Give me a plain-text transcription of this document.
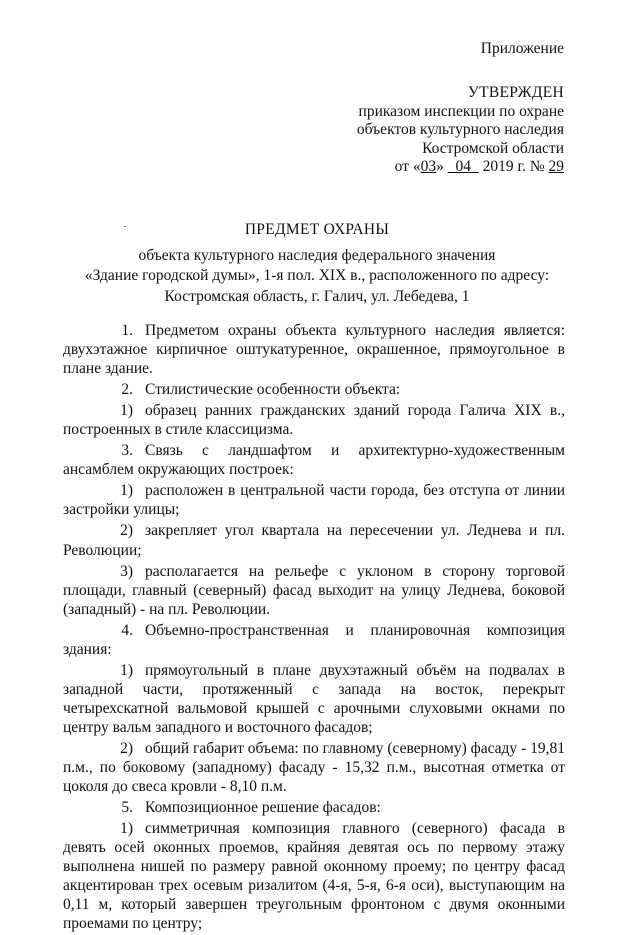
Приложение
УТВЕРЖДЕН
приказом инспекции по охране
объектов культурного наследия
Костромской области
от «03»   04   2019 г. № 29
ПРЕДМЕТ ОХРАНЫ
объекта культурного наследия федерального значения
«Здание городской думы», 1-я пол. XIX в., расположенного по адресу:
Костромская область, г. Галич, ул. Лебедева, 1

1. Предметом охраны объекта культурного наследия является: двухэтажное кирпичное оштукатуренное, окрашенное, прямоугольное в плане здание.

2. Стилистические особенности объекта:

1) образец ранних гражданских зданий города Галича XIX в., построенных в стиле классицизма.

3. Связь с ландшафтом и архитектурно-художественным ансамблем окружающих построек:

1) расположен в центральной части города, без отступа от линии застройки улицы;

2) закрепляет угол квартала на пересечении ул. Леднева и пл. Революции;

3) располагается на рельефе с уклоном в сторону торговой площади, главный (северный) фасад выходит на улицу Леднева, боковой (западный) - на пл. Революции.

4. Объемно-пространственная и планировочная композиция здания:

1) прямоугольный в плане двухэтажный объём на подвалах в западной части, протяженный с запада на восток, перекрыт четырехскатной вальмовой крышей с арочными слуховыми окнами по центру вальм западного и восточного фасадов;

2) общий габарит объема: по главному (северному) фасаду - 19,81 п.м., по боковому (западному) фасаду - 15,32 п.м., высотная отметка от цоколя до свеса кровли - 8,10 п.м.

5. Композиционное решение фасадов:

1) симметричная композиция главного (северного) фасада в девять осей оконных проемов, крайняя девятая ось по первому этажу выполнена нишей по размеру равной оконному проему; по центру фасад акцентирован трех осевым ризалитом (4-я, 5-я, 6-я оси), выступающим на 0,11 м, который завершен треугольным фронтоном с двумя оконными проемами по центру;
